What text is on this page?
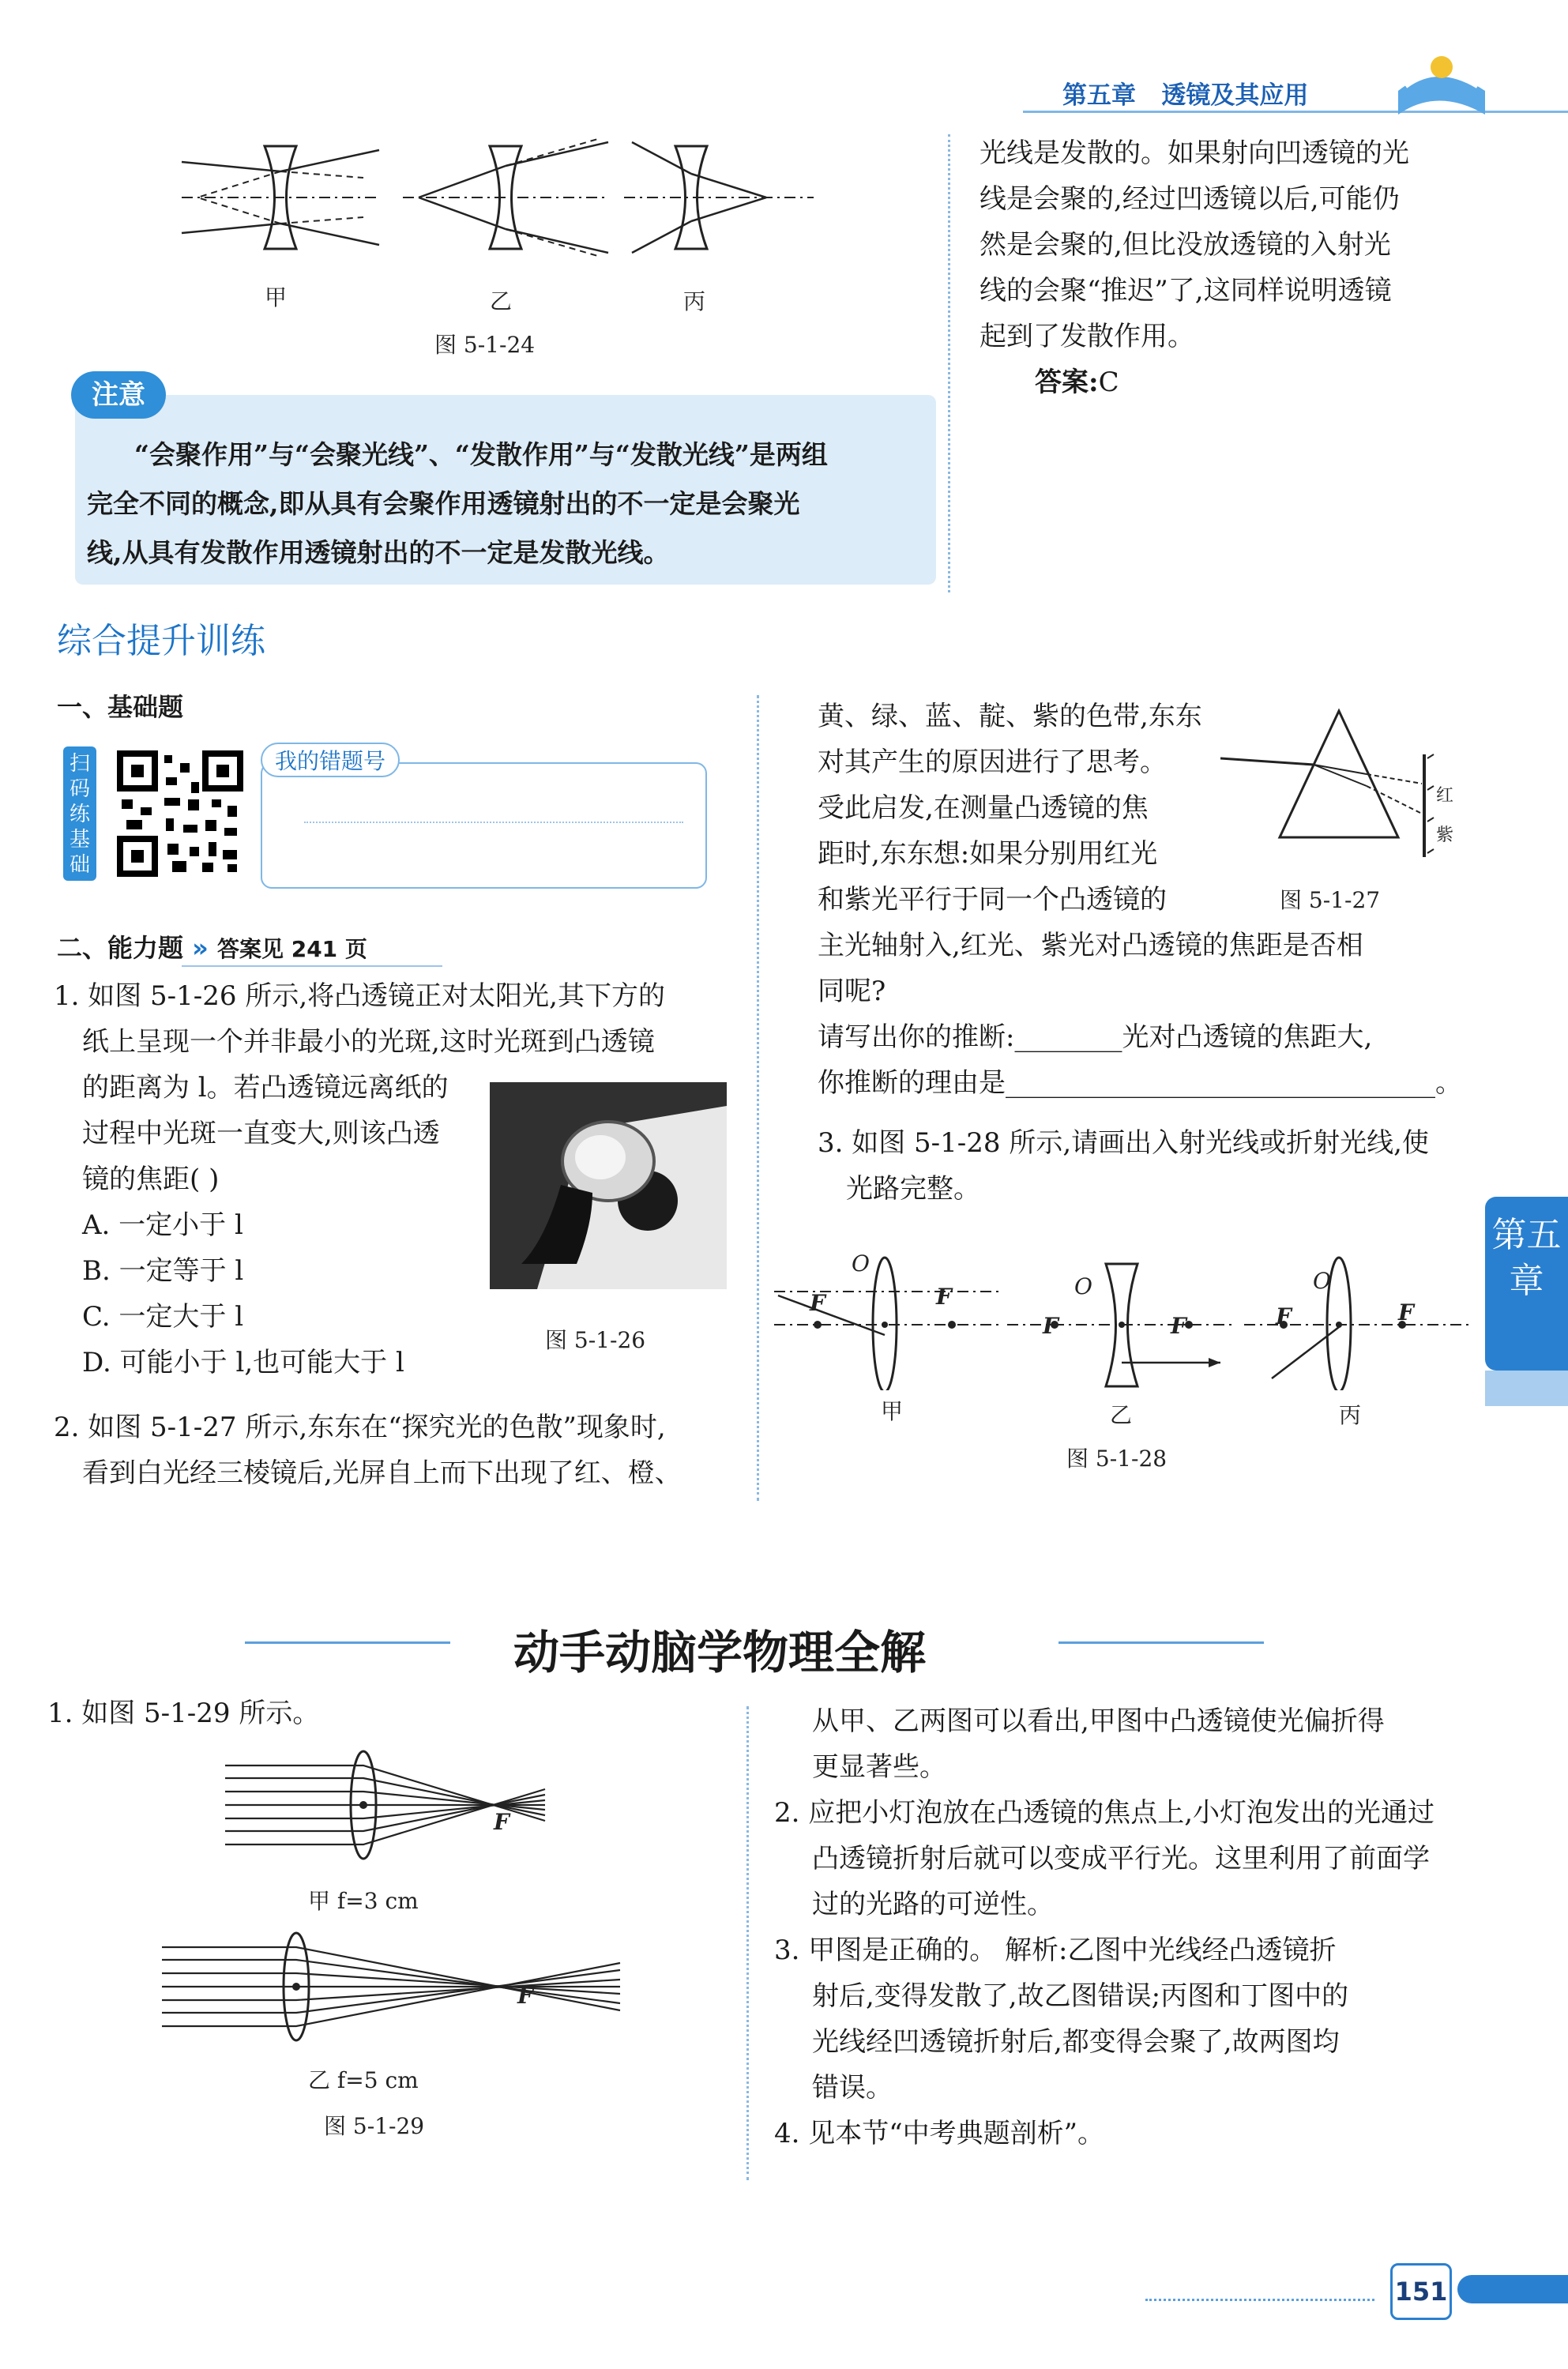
第五章 透镜及其应用
甲	乙	丙
图 5-1-24
光线是发散的。如果射向凹透镜的光
线是会聚的,经过凹透镜以后,可能仍
然是会聚的,但比没放透镜的入射光
线的会聚“推迟”了,这同样说明透镜
起到了发散作用。
答案:C
注意
“会聚作用”与“会聚光线”、“发散作用”与“发散光线”是两组
完全不同的概念,即从具有会聚作用透镜射出的不一定是会聚光
线,从具有发散作用透镜射出的不一定是发散光线。
综合提升训练
一、基础题
扫码练基础
我的错题号
二、能力题 » 答案见 241 页
1. 如图 5-1-26 所示,将凸透镜正对太阳光,其下方的
纸上呈现一个并非最小的光斑,这时光斑到凸透镜
的距离为 l。若凸透镜远离纸的
过程中光斑一直变大,则该凸透
镜的焦距( )
A. 一定小于 l
B. 一定等于 l
C. 一定大于 l
D. 可能小于 l,也可能大于 l
图 5-1-26
2. 如图 5-1-27 所示,东东在“探究光的色散”现象时,
看到白光经三棱镜后,光屏自上而下出现了红、橙、
黄、绿、蓝、靛、紫的色带,东东
对其产生的原因进行了思考。
受此启发,在测量凸透镜的焦
距时,东东想:如果分别用红光
和紫光平行于同一个凸透镜的
主光轴射入,红光、紫光对凸透镜的焦距是否相
同呢?
请写出你的推断:________光对凸透镜的焦距大,
你推断的理由是________________________________。
红
紫
图 5-1-27
3. 如图 5-1-28 所示,请画出入射光线或折射光线,使
光路完整。
O
F	F	O
F	F
O
F	F
甲	乙	丙
图 5-1-28
第五章
动手动脑学物理全解
1. 如图 5-1-29 所示。
F
甲 f=3 cm
F
乙 f=5 cm
图 5-1-29
从甲、乙两图可以看出,甲图中凸透镜使光偏折得
更显著些。
2. 应把小灯泡放在凸透镜的焦点上,小灯泡发出的光通过
凸透镜折射后就可以变成平行光。这里利用了前面学
过的光路的可逆性。
3. 甲图是正确的。 解析:乙图中光线经凸透镜折
射后,变得发散了,故乙图错误;丙图和丁图中的
光线经凹透镜折射后,都变得会聚了,故两图均
错误。
4. 见本节“中考典题剖析”。
151
